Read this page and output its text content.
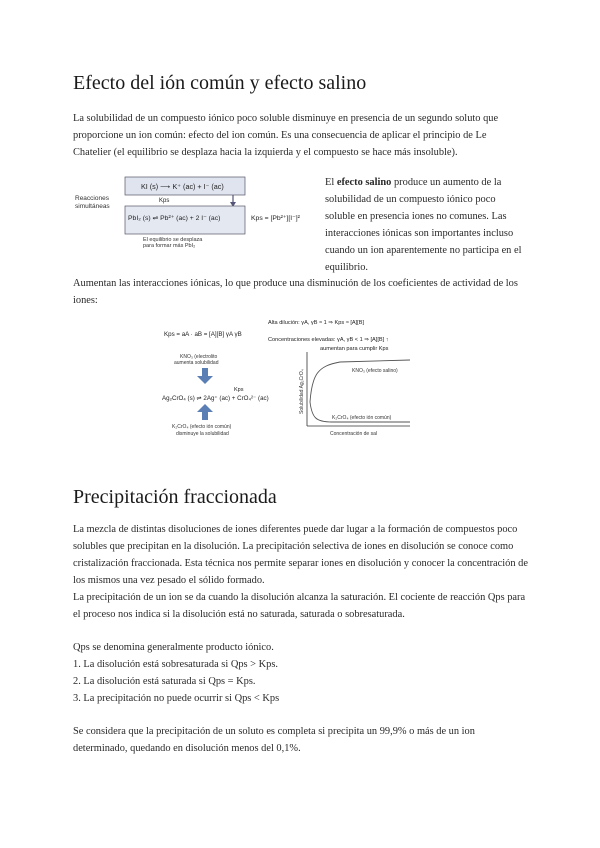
Efecto del ión común y efecto salino
La solubilidad de un compuesto iónico poco soluble disminuye en presencia de un segundo soluto que
proporcione un ion común: efecto del ion común. Es una consecuencia de aplicar el principio de Le
Chatelier (el equilibrio se desplaza hacia la izquierda y el compuesto se hace más insoluble).
Reacciones
simultáneas
KI (s) ⟶ K⁺ (ac) + I⁻ (ac)
Kps
PbI₂ (s) ⇌ Pb²⁺ (ac) + 2 I⁻ (ac)	Kps = [Pb²⁺][I⁻]²
El equilibrio se desplaza
para formar más PbI₂
El efecto salino produce un aumento de la
solubilidad de un compuesto iónico poco
soluble en presencia iones no comunes. Las
interacciones iónicas son importantes incluso
cuando un ion aparentemente no participa en el
equilibrio.
Aumentan las interacciones iónicas, lo que produce una disminución de los coeficientes de actividad de los
iones:
Kps = aA · aB = [A][B] γA γB
Alta dilución: γA, γB ≈ 1 ⇒ Kps ≈ [A][B]
Concentraciones elevadas: γA, γB < 1 ⇒ [A][B] ↑
aumentan para cumplir Kps
KNO₃ (electrolito
aumenta solubilidad
Kps
Ag₂CrO₄ (s) ⇌ 2Ag⁺ (ac) + CrO₄²⁻ (ac)
K₂CrO₄ (efecto ión común)
disminuye la solubilidad
Solubilidad Ag₂CrO₄
Concentración de sal
KNO₃ (efecto salino)
K₂CrO₄ (efecto ión común)
Precipitación fraccionada
La mezcla de distintas disoluciones de iones diferentes puede dar lugar a la formación de compuestos poco
solubles que precipitan en la disolución. La precipitación selectiva de iones en disolución se conoce como
cristalización fraccionada. Esta técnica nos permite separar iones en disolución y conocer la concentración de
los mismos una vez pesado el sólido formado.
La precipitación de un ion se da cuando la disolución alcanza la saturación. El cociente de reacción Qps para
el proceso nos indica si la disolución está no saturada, saturada o sobresaturada.
Qps se denomina generalmente producto iónico.
1. La disolución está sobresaturada si Qps > Kps.
2. La disolución está saturada si Qps = Kps.
3. La precipitación no puede ocurrir si Qps < Kps
Se considera que la precipitación de un soluto es completa si precipita un 99,9% o más de un ion
determinado, quedando en disolución menos del 0,1%.
